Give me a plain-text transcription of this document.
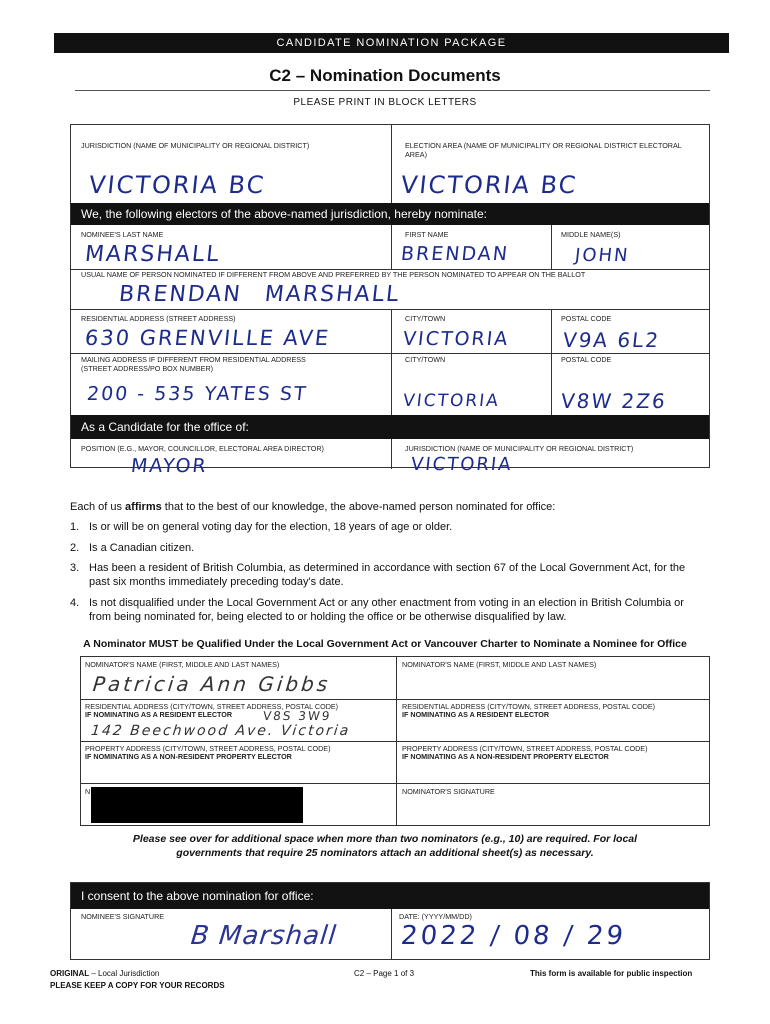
CANDIDATE NOMINATION PACKAGE
C2 – Nomination Documents
PLEASE PRINT IN BLOCK LETTERS
JURISDICTION (NAME OF MUNICIPALITY OR REGIONAL DISTRICT)
VICTORIA BC
ELECTION AREA (NAME OF MUNICIPALITY OR REGIONAL DISTRICT ELECTORAL AREA)
VICTORIA BC
We, the following electors of the above-named jurisdiction, hereby nominate:
NOMINEE'S LAST NAME
MARSHALL
FIRST NAME
BRENDAN
MIDDLE NAME(S)
JOHN
USUAL NAME OF PERSON NOMINATED IF DIFFERENT FROM ABOVE AND PREFERRED BY THE PERSON NOMINATED TO APPEAR ON THE BALLOT
BRENDAN MARSHALL
RESIDENTIAL ADDRESS (STREET ADDRESS)
630 GRENVILLE AVE
CITY/TOWN
VICTORIA
POSTAL CODE
V9A 6L2
MAILING ADDRESS IF DIFFERENT FROM RESIDENTIAL ADDRESS
(STREET ADDRESS/PO BOX NUMBER)
200 - 535 YATES ST
CITY/TOWN
VICTORIA
POSTAL CODE
V8W 2Z6
As a Candidate for the office of:
POSITION (E.G., MAYOR, COUNCILLOR, ELECTORAL AREA DIRECTOR)
MAYOR
JURISDICTION (NAME OF MUNICIPALITY OR REGIONAL DISTRICT)
VICTORIA
Each of us affirms that to the best of our knowledge, the above-named person nominated for office:
1. Is or will be on general voting day for the election, 18 years of age or older.
2. Is a Canadian citizen.
3. Has been a resident of British Columbia, as determined in accordance with section 67 of the Local Government Act, for the past six months immediately preceding today's date.
4. Is not disqualified under the Local Government Act or any other enactment from voting in an election in British Columbia or from being nominated for, being elected to or holding the office or be otherwise disqualified by law.
A Nominator MUST be Qualified Under the Local Government Act or Vancouver Charter to Nominate a Nominee for Office
NOMINATOR'S NAME (FIRST, MIDDLE AND LAST NAMES)
Patricia Ann Gibbs
NOMINATOR'S NAME (FIRST, MIDDLE AND LAST NAMES)
RESIDENTIAL ADDRESS (CITY/TOWN, STREET ADDRESS, POSTAL CODE)
IF NOMINATING AS A RESIDENT ELECTOR	V8S 3W9
142 Beechwood Ave. Victoria
RESIDENTIAL ADDRESS (CITY/TOWN, STREET ADDRESS, POSTAL CODE)
IF NOMINATING AS A RESIDENT ELECTOR
PROPERTY ADDRESS (CITY/TOWN, STREET ADDRESS, POSTAL CODE)
IF NOMINATING AS A NON-RESIDENT PROPERTY ELECTOR
PROPERTY ADDRESS (CITY/TOWN, STREET ADDRESS, POSTAL CODE)
IF NOMINATING AS A NON-RESIDENT PROPERTY ELECTOR
N	NOMINATOR'S SIGNATURE
Please see over for additional space when more than two nominators (e.g., 10) are required. For local
governments that require 25 nominators attach an additional sheet(s) as necessary.
I consent to the above nomination for office:
NOMINEE'S SIGNATURE
B Marshall
DATE: (YYYY/MM/DD)
2022 / 08 / 29
ORIGINAL – Local Jurisdiction
PLEASE KEEP A COPY FOR YOUR RECORDS
C2 – Page 1 of 3	This form is available for public inspection
